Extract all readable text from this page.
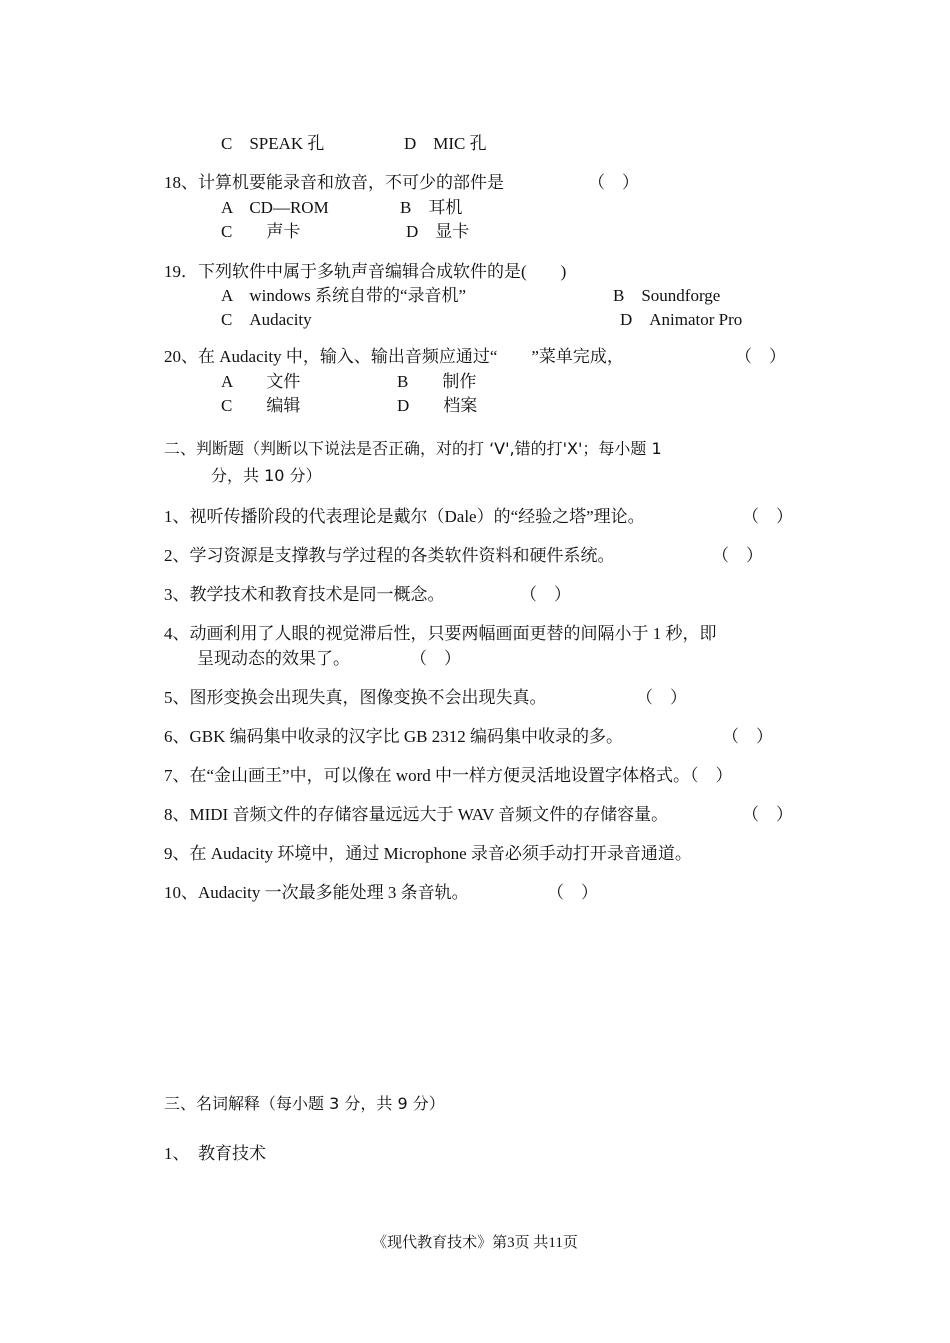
C　SPEAK 孔	D　MIC 孔
18、计算机要能录音和放音，不可少的部件是	（　）
A　CD—ROM	B　耳机
C　　声卡	D　显卡
19．下列软件中属于多轨声音编辑合成软件的是(　　)
A　windows 系统自带的“录音机”	B　Soundforge
C　Audacity	D　Animator Pro
20、在 Audacity 中，输入、输出音频应通过“　　”菜单完成，	（　）
A　　文件	B　　制作
C　　编辑	D　　档案
二、判断题（判断以下说法是否正确，对的打 ‘V',错的打'X'；每小题 1
分，共 10 分）
1、视听传播阶段的代表理论是戴尔（Dale）的“经验之塔”理论。	（　）
2、学习资源是支撑教与学过程的各类软件资料和硬件系统。	（　）
3、教学技术和教育技术是同一概念。	（　）
4、动画利用了人眼的视觉滞后性，只要两幅画面更替的间隔小于 1 秒，即
呈现动态的效果了。	（　）
5、图形变换会出现失真，图像变换不会出现失真。	（　）
6、GBK 编码集中收录的汉字比 GB 2312 编码集中收录的多。	（　）
7、在“金山画王”中，可以像在 word 中一样方便灵活地设置字体格式。（　）
8、MIDI 音频文件的存储容量远远大于 WAV 音频文件的存储容量。	（　）
9、在 Audacity 环境中，通过 Microphone 录音必须手动打开录音通道。
10、Audacity 一次最多能处理 3 条音轨。	（　）
三、名词解释（每小题 3 分，共 9 分）
1、　教育技术
《现代教育技术》第3页 共11页
